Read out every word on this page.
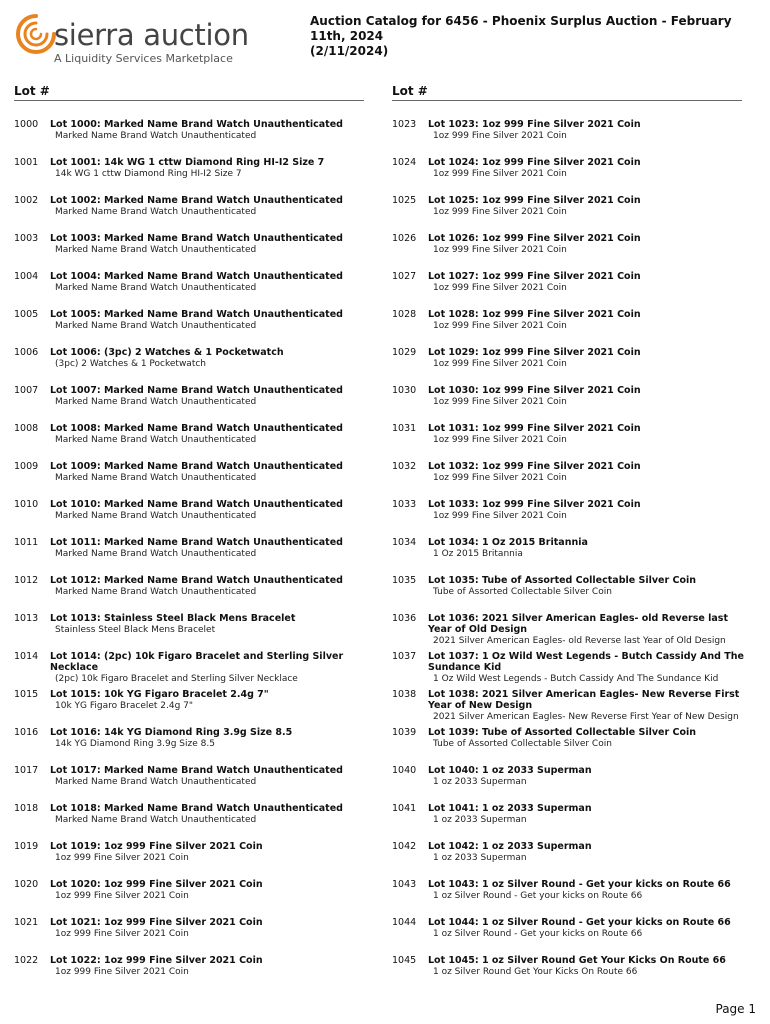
sierra auction
A Liquidity Services Marketplace
Auction Catalog for 6456 - Phoenix Surplus Auction - February 11th, 2024
(2/11/2024)
Lot #
1000	Lot 1000: Marked Name Brand Watch Unauthenticated
Marked Name Brand Watch Unauthenticated
1001	Lot 1001: 14k WG 1 cttw Diamond Ring HI-I2 Size 7
14k WG 1 cttw Diamond Ring HI-I2 Size 7
1002	Lot 1002: Marked Name Brand Watch Unauthenticated
Marked Name Brand Watch Unauthenticated
1003	Lot 1003: Marked Name Brand Watch Unauthenticated
Marked Name Brand Watch Unauthenticated
1004	Lot 1004: Marked Name Brand Watch Unauthenticated
Marked Name Brand Watch Unauthenticated
1005	Lot 1005: Marked Name Brand Watch Unauthenticated
Marked Name Brand Watch Unauthenticated
1006	Lot 1006: (3pc) 2 Watches & 1 Pocketwatch
(3pc) 2 Watches & 1 Pocketwatch
1007	Lot 1007: Marked Name Brand Watch Unauthenticated
Marked Name Brand Watch Unauthenticated
1008	Lot 1008: Marked Name Brand Watch Unauthenticated
Marked Name Brand Watch Unauthenticated
1009	Lot 1009: Marked Name Brand Watch Unauthenticated
Marked Name Brand Watch Unauthenticated
1010	Lot 1010: Marked Name Brand Watch Unauthenticated
Marked Name Brand Watch Unauthenticated
1011	Lot 1011: Marked Name Brand Watch Unauthenticated
Marked Name Brand Watch Unauthenticated
1012	Lot 1012: Marked Name Brand Watch Unauthenticated
Marked Name Brand Watch Unauthenticated
1013	Lot 1013: Stainless Steel Black Mens Bracelet
Stainless Steel Black Mens Bracelet
1014	Lot 1014: (2pc) 10k Figaro Bracelet and Sterling Silver Necklace
(2pc) 10k Figaro Bracelet and Sterling Silver Necklace
1015	Lot 1015: 10k YG Figaro Bracelet 2.4g 7"
10k YG Figaro Bracelet 2.4g 7"
1016	Lot 1016: 14k YG Diamond Ring 3.9g Size 8.5
14k YG Diamond Ring 3.9g Size 8.5
1017	Lot 1017: Marked Name Brand Watch Unauthenticated
Marked Name Brand Watch Unauthenticated
1018	Lot 1018: Marked Name Brand Watch Unauthenticated
Marked Name Brand Watch Unauthenticated
1019	Lot 1019: 1oz 999 Fine Silver 2021 Coin
1oz 999 Fine Silver 2021 Coin
1020	Lot 1020: 1oz 999 Fine Silver 2021 Coin
1oz 999 Fine Silver 2021 Coin
1021	Lot 1021: 1oz 999 Fine Silver 2021 Coin
1oz 999 Fine Silver 2021 Coin
1022	Lot 1022: 1oz 999 Fine Silver 2021 Coin
1oz 999 Fine Silver 2021 Coin
Lot #
1023	Lot 1023: 1oz 999 Fine Silver 2021 Coin
1oz 999 Fine Silver 2021 Coin
1024	Lot 1024: 1oz 999 Fine Silver 2021 Coin
1oz 999 Fine Silver 2021 Coin
1025	Lot 1025: 1oz 999 Fine Silver 2021 Coin
1oz 999 Fine Silver 2021 Coin
1026	Lot 1026: 1oz 999 Fine Silver 2021 Coin
1oz 999 Fine Silver 2021 Coin
1027	Lot 1027: 1oz 999 Fine Silver 2021 Coin
1oz 999 Fine Silver 2021 Coin
1028	Lot 1028: 1oz 999 Fine Silver 2021 Coin
1oz 999 Fine Silver 2021 Coin
1029	Lot 1029: 1oz 999 Fine Silver 2021 Coin
1oz 999 Fine Silver 2021 Coin
1030	Lot 1030: 1oz 999 Fine Silver 2021 Coin
1oz 999 Fine Silver 2021 Coin
1031	Lot 1031: 1oz 999 Fine Silver 2021 Coin
1oz 999 Fine Silver 2021 Coin
1032	Lot 1032: 1oz 999 Fine Silver 2021 Coin
1oz 999 Fine Silver 2021 Coin
1033	Lot 1033: 1oz 999 Fine Silver 2021 Coin
1oz 999 Fine Silver 2021 Coin
1034	Lot 1034: 1 Oz 2015 Britannia
1 Oz 2015 Britannia
1035	Lot 1035: Tube of Assorted Collectable Silver Coin
Tube of Assorted Collectable Silver Coin
1036	Lot 1036: 2021 Silver American Eagles- old Reverse last Year of Old Design
2021 Silver American Eagles- old Reverse last Year of Old Design
1037	Lot 1037: 1 Oz Wild West Legends - Butch Cassidy And The Sundance Kid
1 Oz Wild West Legends - Butch Cassidy And The Sundance Kid
1038	Lot 1038: 2021 Silver American Eagles- New Reverse First Year of New Design
2021 Silver American Eagles- New Reverse First Year of New Design
1039	Lot 1039: Tube of Assorted Collectable Silver Coin
Tube of Assorted Collectable Silver Coin
1040	Lot 1040: 1 oz 2033 Superman
1 oz 2033 Superman
1041	Lot 1041: 1 oz 2033 Superman
1 oz 2033 Superman
1042	Lot 1042: 1 oz 2033 Superman
1 oz 2033 Superman
1043	Lot 1043: 1 oz Silver Round - Get your kicks on Route 66
1 oz Silver Round - Get your kicks on Route 66
1044	Lot 1044: 1 oz Silver Round - Get your kicks on Route 66
1 oz Silver Round - Get your kicks on Route 66
1045	Lot 1045: 1 oz Silver Round Get Your Kicks On Route 66
1 oz Silver Round Get Your Kicks On Route 66
Page 1
